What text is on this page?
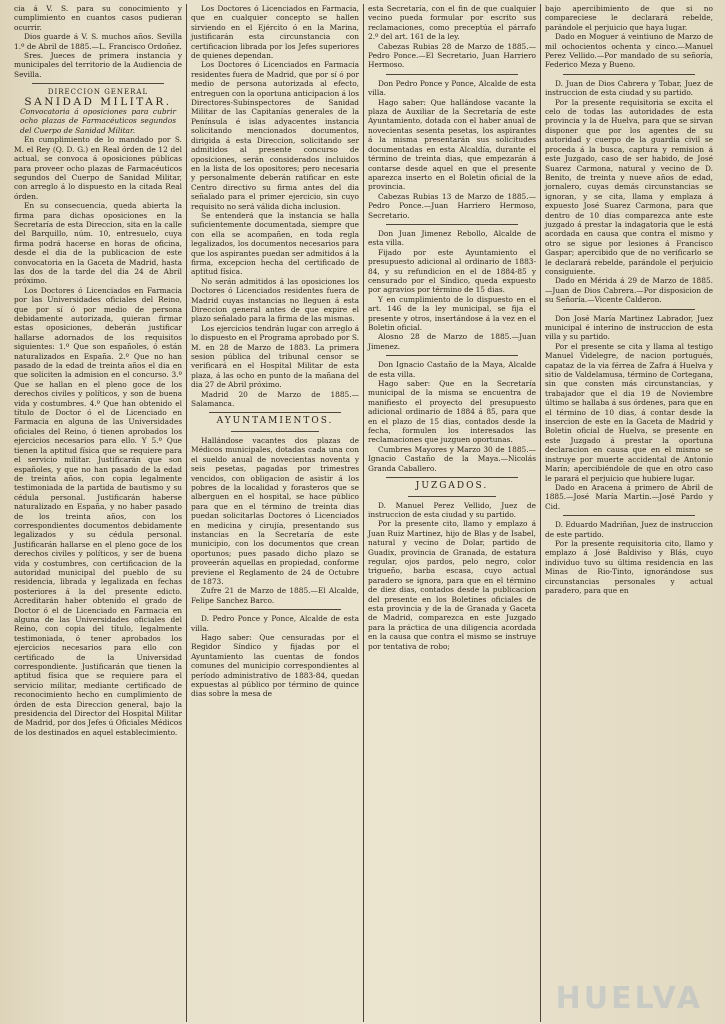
cia á V. S. para su conocimiento y cumplimiento en cuantos casos pudieran ocurrir.

Dios guarde á V. S. muchos años. Sevilla 1.º de Abril de 1885.—L. Francisco Ordoñez.

Sres. Jueces de primera instancia y municipales del territorio de la Audiencia de Sevilla.

DIRECCION GENERAL

SANIDAD MILITAR.

Convocatoria á oposiciones para cubrir ocho plazas de Farmacéuticos segundos del Cuerpo de Sanidad Militar.

En cumplimiento de lo mandado por S. M. el Rey (Q. D. G.) en Real órden de 12 del actual, se convoca á oposiciones públicas para proveer ocho plazas de Farmacéuticos segundos del Cuerpo de Sanidad Militar, con arreglo á lo dispuesto en la citada Real órden.

En su consecuencia, queda abierta la firma para dichas oposiciones en la Secretaría de esta Direccion, sita en la calle del Barquillo, núm. 10, entresuelo, cuya firma podrá hacerse en horas de oficina, desde el dia de la publicacion de este convocatoria en la Gaceta de Madrid, hasta las dos de la tarde del dia 24 de Abril próximo.

Los Doctores ó Licenciados en Farmacia por las Universidades oficiales del Reino, que por sí ó por medio de persona debidamente autorizada, quieran firmar estas oposiciones, deberán justificar hallarse adornados de los requisitos siguientes: 1.º Que son españoles, ó están naturalizados en España. 2.º Que no han pasado de la edad de treinta años el dia en que soliciten la admision en el concurso. 3.º Que se hallan en el pleno goce de los derechos civiles y políticos, y son de buena vida y costumbres. 4.º Que han obtenido el título de Doctor ó el de Licenciado en Farmacia en alguna de las Universidades oficiales del Reino, ó tienen aprobados los ejercicios necesarios para ello. Y 5.º Que tienen la aptitud física que se requiere para el servicio militar. Justificarán que son españoles, y que no han pasado de la edad de treinta años, con copia legalmente testimoniada de la partida de bautismo y su cédula personal. Justificarán haberse naturalizado en España, y no haber pasado de los treinta años, con los correspondientes documentos debidamente legalizados y su cédula personal. Justificarán hallarse en el pleno goce de los derechos civiles y políticos, y ser de buena vida y costumbres, con certificacion de la autoridad municipal del pueblo de su residencia, librada y legalizada en fechas posteriores á la del presente edicto. Acreditarán haber obtenido el grado de Doctor ó el de Licenciado en Farmacia en alguna de las Universidades oficiales del Reino, con copia del título, legalmente testimoniada, ó tener aprobados los ejercicios necesarios para ello con certificado de la Universidad correspondiente. Justificarán que tienen la aptitud física que se requiere para el servicio militar, mediante certificado de reconocimiento hecho en cumplimiento de órden de esta Direccion general, bajo la presidencia del Director del Hospital Militar de Madrid, por dos Jefes ú Oficiales Médicos de los destinados en aquel establecimiento.

Los Doctores ó Licenciados en Farmacia, que en cualquier concepto se hallen sirviendo en el Ejército ó en la Marina, justificarán esta circunstancia con certificacion librada por los Jefes superiores de quienes dependan.

Los Doctores ó Licenciados en Farmacia residentes fuera de Madrid, que por sí ó por medio de persona autorizada al efecto, entreguen con la oportuna anticipacion á los Directores-Subinspectores de Sanidad Militar de las Capitanías generales de la Península é islas adyacentes instancia solicitando mencionados documentos, dirigida á esta Direccion, solicitando ser admitidos al presente concurso de oposiciones, serán considerados incluidos en la lista de los opositores; pero necesaria y personalmente deberán ratificar en este Centro directivo su firma antes del dia señalado para el primer ejercicio, sin cuyo requisito no será válida dicha inclusion.

Se entenderá que la instancia se halla suficientemente documentada, siempre que con ella se acompañen, en toda regla legalizados, los documentos necesarios para que los aspirantes puedan ser admitidos á la firma, excepcion hecha del certificado de aptitud física.

No serán admitidos á las oposiciones los Doctores ó Licenciados residentes fuera de Madrid cuyas instancias no lleguen á esta Direccion general antes de que expire el plazo señalado para la firma de las mismas.

Los ejercicios tendrán lugar con arreglo á lo dispuesto en el Programa aprobado por S. M. en 28 de Marzo de 1883. La primera sesion pública del tribunal censor se verificará en el Hospital Militar de esta plaza, á las ocho en punto de la mañana del dia 27 de Abril próximo.

Madrid 20 de Marzo de 1885.—Salamanca.

AYUNTAMIENTOS.

Hallándose vacantes dos plazas de Médicos municipales, dotadas cada una con el sueldo anual de novecientas noventa y seis pesetas, pagadas por trimestres vencidos, con obligacion de asistir á los pobres de la localidad y forasteros que se alberguen en el hospital, se hace público para que en el término de treinta dias puedan solicitarlas Doctores ó Licenciados en medicina y cirujía, presentando sus instancias en la Secretaría de este municipio, con los documentos que crean oportunos; pues pasado dicho plazo se proveerán aquellas en propiedad, conforme previene el Reglamento de 24 de Octubre de 1873.

Zufre 21 de Marzo de 1885.—El Alcalde, Felipe Sanchez Barco.

D. Pedro Ponce y Ponce, Alcalde de esta villa.

Hago saber: Que censuradas por el Regidor Síndico y fijadas por el Ayuntamiento las cuentas de fondos comunes del municipio correspondientes al período administrativo de 1883-84, quedan expuestas al público por término de quince dias sobre la mesa de

esta Secretaría, con el fin de que cualquier vecino pueda formular por escrito sus reclamaciones, como preceptúa el párrafo 2.º del art. 161 de la ley.

Cabezas Rubias 28 de Marzo de 1885.—Pedro Ponce.—El Secretario, Juan Harriero Hermoso.

Don Pedro Ponce y Ponce, Alcalde de esta villa.

Hago saber: Que hallándose vacante la plaza de Auxiliar de la Secretaría de este Ayuntamiento, dotada con el haber anual de novecientas sesenta pesetas, los aspirantes á la misma presentarán sus solicitudes documentadas en esta Alcaldía, durante el término de treinta dias, que empezarán á contarse desde aquel en que el presente aparezca inserto en el Boletin oficial de la provincia.

Cabezas Rubias 13 de Marzo de 1885.—Pedro Ponce.—Juan Harriero Hermoso, Secretario.

Don Juan Jimenez Rebollo, Alcalde de esta villa.

Fijado por este Ayuntamiento el presupuesto adicional al ordinario de 1883-84, y su refundicion en el de 1884-85 y censurado por el Síndico, queda expuesto por agravios por término de 15 dias.

Y en cumplimiento de lo dispuesto en el art. 146 de la ley municipal, se fija el presente y otros, insertándose á la vez en el Boletin oficial.

Alosno 28 de Marzo de 1885.—Juan Jimenez.

Don Ignacio Castaño de la Maya, Alcalde de esta villa.

Hago saber: Que en la Secretaría municipal de la misma se encuentra de manifiesto el proyecto del presupuesto adicional ordinario de 1884 á 85, para que en el plazo de 15 dias, contados desde la fecha, formulen los interesados las reclamaciones que juzguen oportunas.

Cumbres Mayores y Marzo 30 de 1885.—Ignacio Castaño de la Maya.—Nicolás Granda Caballero.

JUZGADOS.

D. Manuel Perez Vellido, Juez de instruccion de esta ciudad y su partido.

Por la presente cito, llamo y emplazo á Juan Ruiz Martinez, hijo de Blas y de Isabel, natural y vecino de Dolar, partido de Guadix, provincia de Granada, de estatura regular, ojos pardos, pelo negro, color trigueño, barba escasa, cuyo actual paradero se ignora, para que en el término de diez dias, contados desde la publicacion del presente en los Boletines oficiales de esta provincia y de la de Granada y Gaceta de Madrid, comparezca en este Juzgado para la práctica de una diligencia acordada en la causa que contra el mismo se instruye por tentativa de robo;

bajo apercibimiento de que si no compareciese le declarará rebelde, parándole el perjuicio que haya lugar.

Dado en Moguer á veintiuno de Marzo de mil ochocientos ochenta y cinco.—Manuel Perez Vellido.—Por mandado de su señoría, Federico Meza y Bueno.

D. Juan de Dios Cabrera y Tobar, Juez de instruccion de esta ciudad y su partido.

Por la presente requisitoria se excita el celo de todas las autoridades de esta provincia y la de Huelva, para que se sirvan disponer que por los agentes de su autoridad y cuerpo de la guardia civil se proceda á la busca, captura y remision á este Juzgado, caso de ser habido, de José Suarez Carmona, natural y vecino de D. Benito, de treinta y nueve años de edad, jornalero, cuyas demás circunstancias se ignoran, y se cita, llama y emplaza á expuesto José Suarez Carmona, para que dentro de 10 dias comparezca ante este juzgado á prestar la indagatoria que le está acordada en causa que contra el mismo y otro se sigue por lesiones á Francisco Gaspar; apercibido que de no verificarlo se le declarará rebelde, parándole el perjuicio consiguiente.

Dado en Mérida á 29 de Marzo de 1885.—Juan de Dios Cabrera.—Por disposicion de su Señoría.—Vicente Calderon.

Don José María Martinez Labrador, Juez municipal é interino de instruccion de esta villa y su partido.

Por el presente se cita y llama al testigo Manuel Videlegre, de nacion portugués, capataz de la via férrea de Zafra á Huelva y sitio de Valdelamusa, término de Cortegana, sin que consten más circunstancias, y trabajador que el dia 19 de Noviembre último se hallaba á sus órdenes, para que en el término de 10 dias, á contar desde la insercion de este en la Gaceta de Madrid y Boletin oficial de Huelva, se presente en este Juzgado á prestar la oportuna declaracion en causa que en el mismo se instruye por muerte accidental de Antonio Marín; apercibiéndole de que en otro caso le parará el perjuicio que hubiere lugar.

Dado en Aracena á primero de Abril de 1885.—José María Martin.—José Pardo y Cid.

D. Eduardo Madriñan, Juez de instruccion de este partido.

Por la presente requisitoria cito, llamo y emplazo á José Baldiviso y Blás, cuyo individuo tuvo su última residencia en las Minas de Rio-Tinto, ignorándose sus circunstancias personales y actual paradero, para que en

HUELVA
